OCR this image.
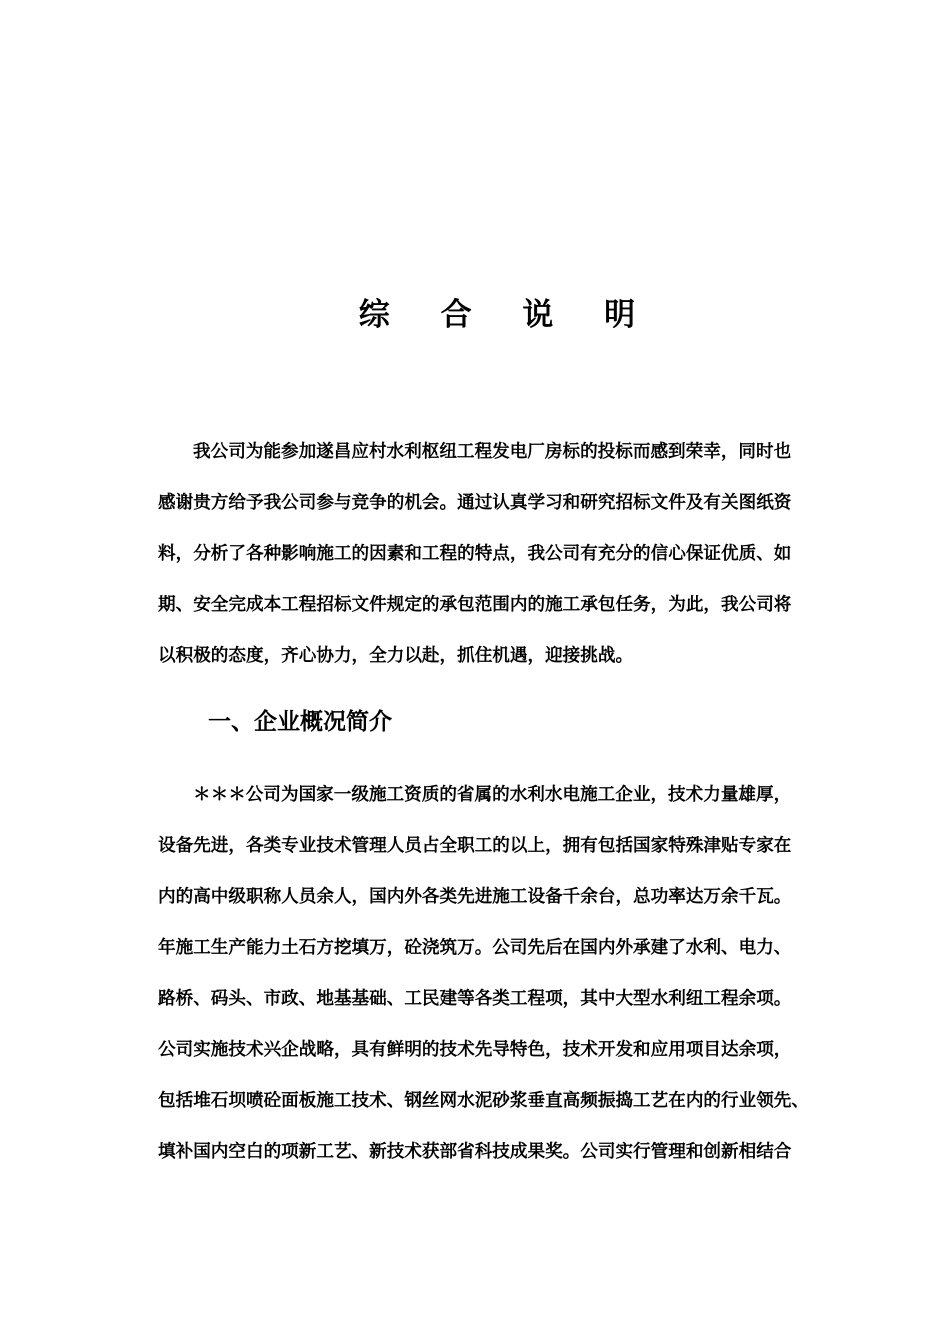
综 合 说 明
我公司为能参加遂昌应村水利枢纽工程发电厂房标的投标而感到荣幸，同时也
感谢贵方给予我公司参与竞争的机会。通过认真学习和研究招标文件及有关图纸资
料，分析了各种影响施工的因素和工程的特点，我公司有充分的信心保证优质、如
期、安全完成本工程招标文件规定的承包范围内的施工承包任务，为此，我公司将
以积极的态度，齐心协力，全力以赴，抓住机遇，迎接挑战。
一、企业概况简介
＊＊＊公司为国家一级施工资质的省属的水利水电施工企业，技术力量雄厚，
设备先进，各类专业技术管理人员占全职工的以上，拥有包括国家特殊津贴专家在
内的高中级职称人员余人，国内外各类先进施工设备千余台，总功率达万余千瓦。
年施工生产能力土石方挖填万，砼浇筑万。公司先后在国内外承建了水利、电力、
路桥、码头、市政、地基基础、工民建等各类工程项，其中大型水利纽工程余项。
公司实施技术兴企战略，具有鲜明的技术先导特色，技术开发和应用项目达余项，
包括堆石坝喷砼面板施工技术、钢丝网水泥砂浆垂直高频振捣工艺在内的行业领先、
填补国内空白的项新工艺、新技术获部省科技成果奖。公司实行管理和创新相结合
